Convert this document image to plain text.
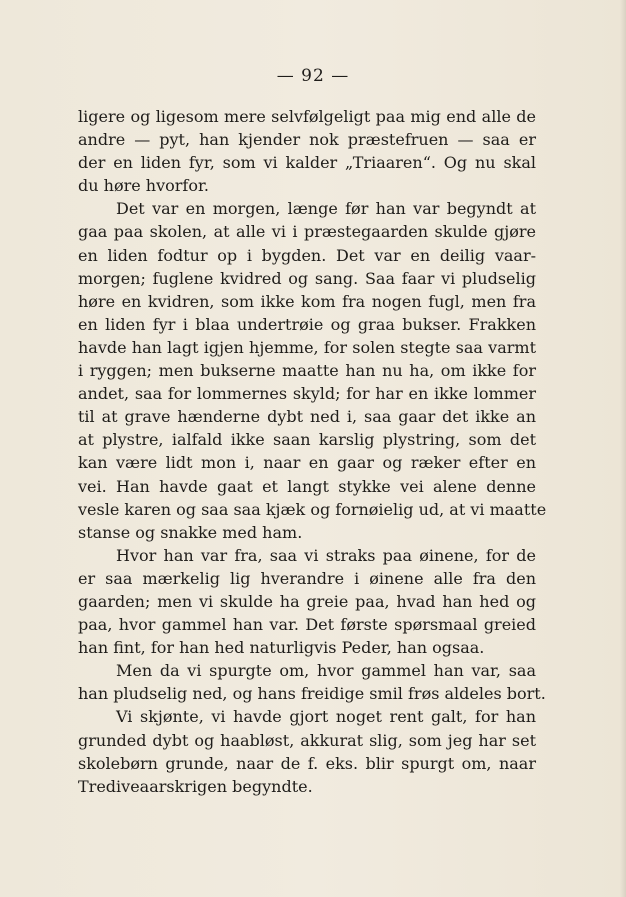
— 92 —
ligere og ligesom mere selvfølgeligt paa mig end alle de
andre — pyt, han kjender nok præstefruen — saa er
der en liden fyr, som vi kalder „Triaaren“. Og nu skal
du høre hvorfor.
Det var en morgen, længe før han var begyndt at
gaa paa skolen, at alle vi i præstegaarden skulde gjøre
en liden fodtur op i bygden. Det var en deilig vaar-
morgen; fuglene kvidred og sang. Saa faar vi pludselig
høre en kvidren, som ikke kom fra nogen fugl, men fra
en liden fyr i blaa undertrøie og graa bukser. Frakken
havde han lagt igjen hjemme, for solen stegte saa varmt
i ryggen; men bukserne maatte han nu ha, om ikke for
andet, saa for lommernes skyld; for har en ikke lommer
til at grave hænderne dybt ned i, saa gaar det ikke an
at plystre, ialfald ikke saan karslig plystring, som det
kan være lidt mon i, naar en gaar og ræker efter en
vei. Han havde gaat et langt stykke vei alene denne
vesle karen og saa saa kjæk og fornøielig ud, at vi maatte
stanse og snakke med ham.
Hvor han var fra, saa vi straks paa øinene, for de
er saa mærkelig lig hverandre i øinene alle fra den
gaarden; men vi skulde ha greie paa, hvad han hed og
paa, hvor gammel han var. Det første spørsmaal greied
han fint, for han hed naturligvis Peder, han ogsaa.
Men da vi spurgte om, hvor gammel han var, saa
han pludselig ned, og hans freidige smil frøs aldeles bort.
Vi skjønte, vi havde gjort noget rent galt, for han
grunded dybt og haabløst, akkurat slig, som jeg har set
skolebørn grunde, naar de f. eks. blir spurgt om, naar
Trediveaarskrigen begyndte.
